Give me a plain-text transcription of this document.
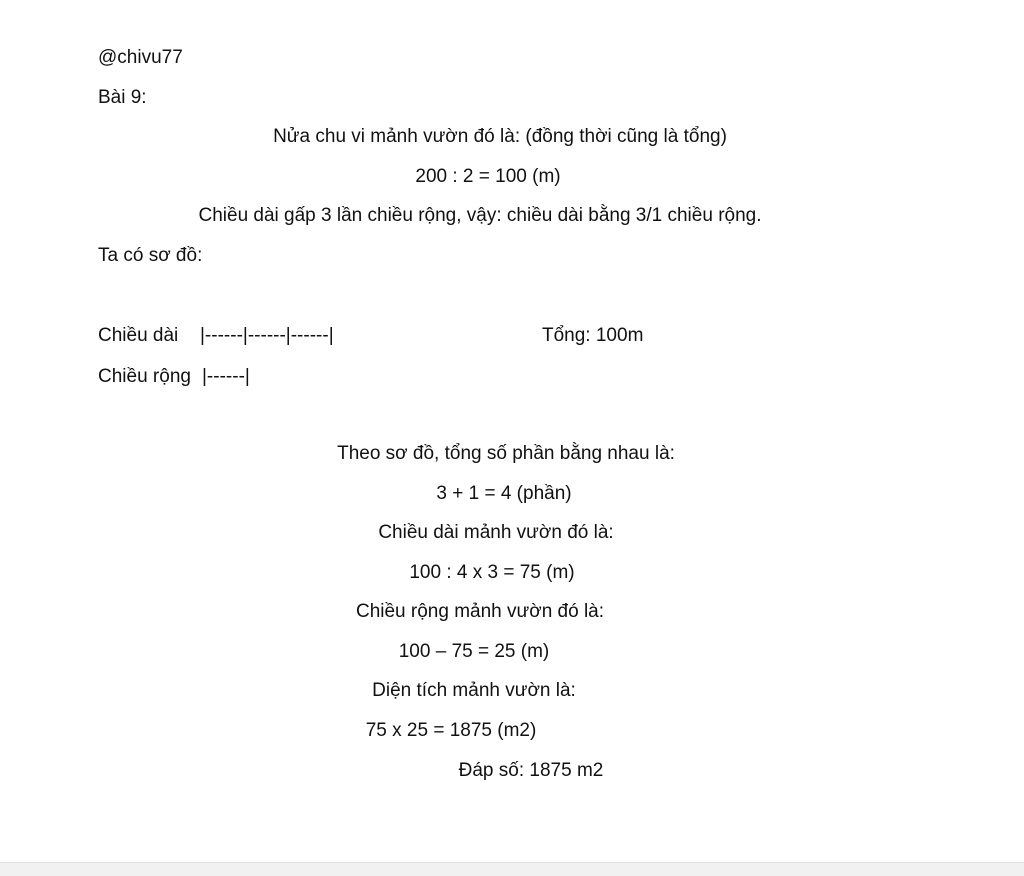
@chivu77
Bài 9:
Nửa chu vi mảnh vườn đó là: (đồng thời cũng là tổng)
200 : 2 = 100 (m)
Chiều dài gấp 3 lần chiều rộng, vậy: chiều dài bằng 3/1 chiều rộng.
Ta có sơ đồ:
Chiều dài |------|------|------|	Tổng: 100m
Chiều rộng |------|
Theo sơ đồ, tổng số phần bằng nhau là:
3 + 1 = 4 (phần)
Chiều dài mảnh vườn đó là:
100 : 4 x 3 = 75 (m)
Chiều rộng mảnh vườn đó là:
100 – 75 = 25 (m)
Diện tích mảnh vườn là:
75 x 25 = 1875 (m2)
Đáp số: 1875 m2
